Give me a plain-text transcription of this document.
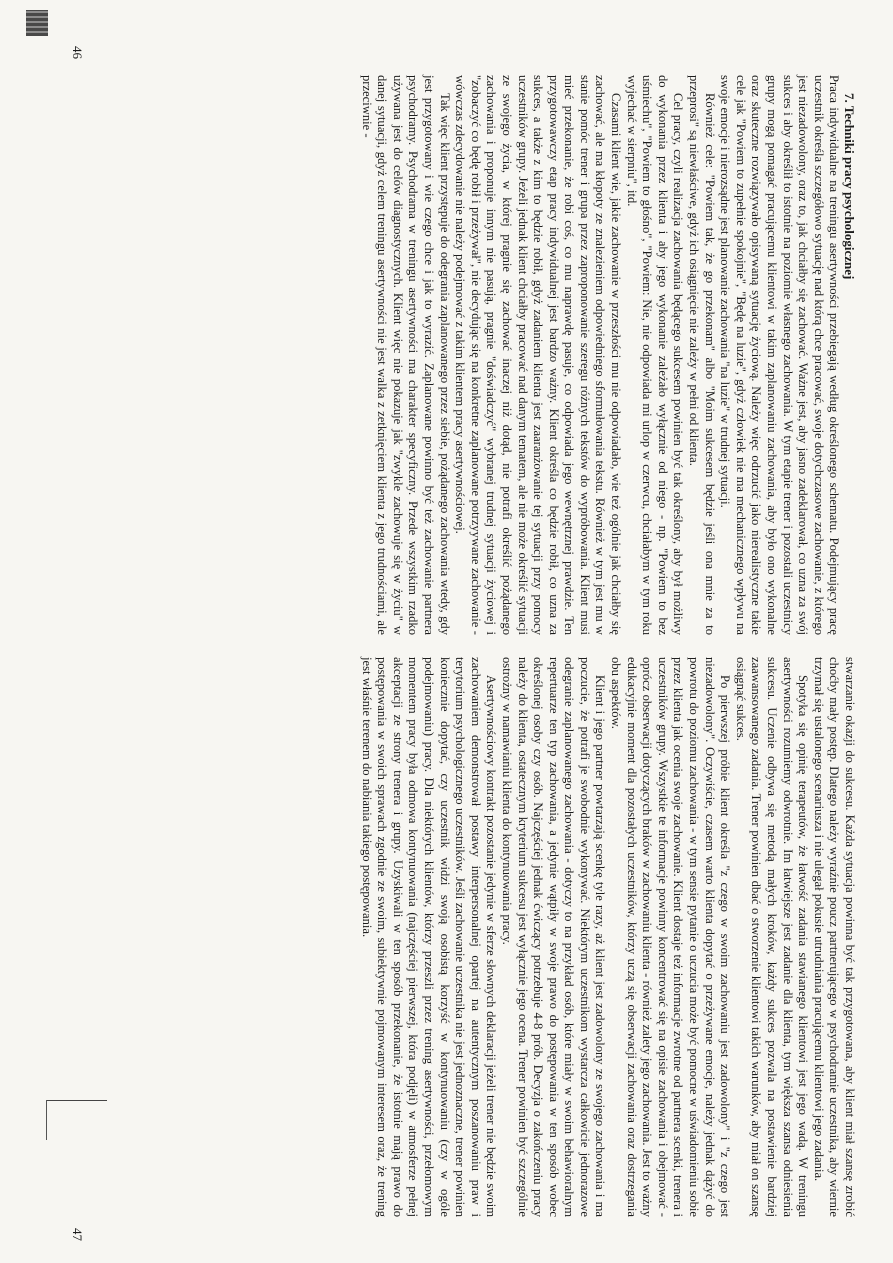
7. Techniki pracy psychologicznej

Praca indywidualne na treningu asertywności przebiegają według określonego schematu. Podejmujący pracę uczestnik określa szczegółowo sytuację nad którą chce pracować, swoje dotychczasowe zachowanie, z którego jest niezadowolony, oraz to, jak chciałby się zachować. Ważne jest, aby jasno zadeklarował, co uzna za swój sukces i aby określił to istotnie na poziomie własnego zachowania. W tym etapie trener i pozostali uczestnicy grupy mogą pomagać pracującemu klientowi w takim zaplanowaniu zachowania, aby było ono wykonalne oraz skuteczne rozwiązywało opisywaną sytuację życiową. Należy więc odrzucić jako nierealistyczne takie cele jak "Powiem to zupełnie spokojnie", "Będę na luzie", gdyż człowiek nie ma mechanicznego wpływu na swoje emocje i nierozsądne jest planowanie zachowania "na luzie" w trudnej sytuacji.

Również cele: "Powiem tak, że go przekonam" albo "Moim sukcesem będzie jeśli ona mnie za to przeprosi" są niewłaściwe, gdyż ich osiągnięcie nie zależy w pełni od klienta.

Cel pracy, czyli realizacja zachowania będącego sukcesem powinien być tak określony, aby był możliwy do wykonania przez klienta i aby jego wykonanie zależało wyłącznie od niego - np. "Powiem to bez uśmiechu", "Powiem to głośno", "Powiem: Nie, nie odpowiada mi urlop w czerwcu, chciałabym w tym roku wyjechać w sierpniu", itd.

Czasami klient wie, jakie zachowanie w przeszłości mu nie odpowiadało, wie też ogólnie jak chciałby się zachować, ale ma kłopoty ze znalezieniem odpowiedniego sformułowania tekstu. Również w tym jest mu w stanie pomóc trener i grupa przez zaproponowanie szeregu różnych tekstów do wypróbowania. Klient musi mieć przekonanie, że robi coś, co mu naprawdę pasuje, co odpowiada jego wewnętrznej prawdzie. Ten przygotowawczy etap pracy indywidualnej jest bardzo ważny. Klient określa co będzie robił, co uzna za sukces, a także z kim to będzie robił, gdyż zadaniem klienta jest zaaranżowanie tej sytuacji przy pomocy uczestników grupy. Jeżeli jednak klient chciałby pracować nad danym tematem, ale nie może określić sytuacji ze swojego życia, w której pragnie się zachować inaczej niż dotąd, nie potrafi określić pożądanego zachowania i proponuje innym nie pasują, pragnie "doświadczyć" wybranej trudnej sytuacji życiowej i "zobaczyć co będę robił i przeżywał", nie decydując się na konkretne zaplanowane potrzyywane zachowanie - wówczas zdecydowanie nie należy podejmować z takim klientem pracy asertywnościowej.

Tak więc klient przystępuje do odegrania zaplanowanego przez siebie, pożądanego zachowania wtedy, gdy jest przygotowany i wie czego chce i jak to wyrazić. Zaplanowane powinno być też zachowanie partnera psychodramy. Psychodrama w treningu asertywności ma charakter specyficzny. Przede wszystkim rzadko używana jest do celów diagnostycznych. Klient więc nie pokazuje jak "zwykle zachowuje się w życiu" w danej sytuacji, gdyż celem treningu asertywności nie jest walka z zetknięciem klienta z jego trudnościami, ale przeciwnie -

46

stwarzanie okazji do sukcesu. Każda sytuacja powinna być tak przygotowana, aby klient miał szansę zrobić choćby mały postęp. Dlatego należy wyraźnie poucz partnerującego w psychodramie uczestnika, aby wiernie trzymał się ustalonego scenariusza i nie ulegał pokusie utrudniania pracującemu klientowi jego zadania.

Spotyka się opinię terapeutów, że łatwość zadania stawianego klientowi jest jego wadą. W treningu asertywności rozumiemy odwrotnie. Im łatwiejsze jest zadanie dla klienta, tym większa szansa odniesienia sukcesu. Uczenie odbywa się metodą małych kroków, każdy sukces pozwala na postawienie bardziej zaawansowanego zadania. Trener powinien dbać o stworzenie klientowi takich warunków, aby miał on szansę osiągnąć sukces.

Po pierwszej próbie klient określa "z czego w swoim zachowaniu jest zadowolony" i "z czego jest niezadowolony". Oczywiście, czasem warto klienta dopytać o przeżywane emocje, należy jednak dążyć do powrotu do poziomu zachowania - w tym sensie pytanie o uczucia może być pomocne w uświadomieniu sobie przez klienta jak ocenia swoje zachowanie. Klient dostaje też informacje zwrotne od partnera scenki, trenera i uczestników grupy. Wszystkie te informacje powinny koncentrować się na opisie zachowania i obejmować - oprócz obserwacji dotyczących braków w zachowaniu klienta - również zalety jego zachowania. Jest to ważny edukacyjnie moment dla pozostałych uczestników, którzy uczą się obserwacji zachowania oraz dostrzegania obu aspektów.

Klient i jego partner powtarzają scenkę tyle razy, aż klient jest zadowolony ze swojego zachowania i ma poczucie, że potrafi je swobodnie wykonywać. Niektórym uczestnikom wystarcza całkowicie jednorazowe odegranie zaplanowanego zachowania - dotyczy to na przykład osób, które miały w swoim behawioralnym repertuarze ten typ zachowania, a jedynie wątpiły w swoje prawo do postępowania w ten sposób wobec określonej osoby czy osób. Najczęściej jednak ćwiczący potrzebuje 4-8 prób. Decyzja o zakończeniu pracy należy do klienta, ostatecznym kryterium sukcesu jest wyłącznie jego ocena. Trener powinien być szczególnie ostrożny w namawianiu klienta do kontynuowania pracy.

Asertywnościowy kontrakt pozostanie jedynie w sferze słownych deklaracji jeżeli trener nie będzie swoim zachowaniem demonstrował postawy interpersonalnej opartej na autentycznym poszanowaniu praw i terytorium psychologicznego uczestników. Jeśli zachowanie uczestnika nie jest jednoznaczne, trener powinien koniecznie dopytać, czy uczestnik widzi swoją osobistą korzyść w kontynuowaniu (czy w ogóle podejmowaniu) pracy. Dla niektórych klientów, którzy przeszli przez trening asertywności, przełomowym momentem pracy była odmowa kontynuowania (najczęściej pierwszej, która podjęli) w atmosferze pełnej akceptacji ze strony trenera i grupy. Uzyskiwali w ten sposób przekonanie, że istotnie mają prawo do postępowania w swoich sprawach zgodnie ze swoim, subiektywnie pojmowanym interesem oraz, że trening jest właśnie terenem do nabiania takiego postępowania.

47
